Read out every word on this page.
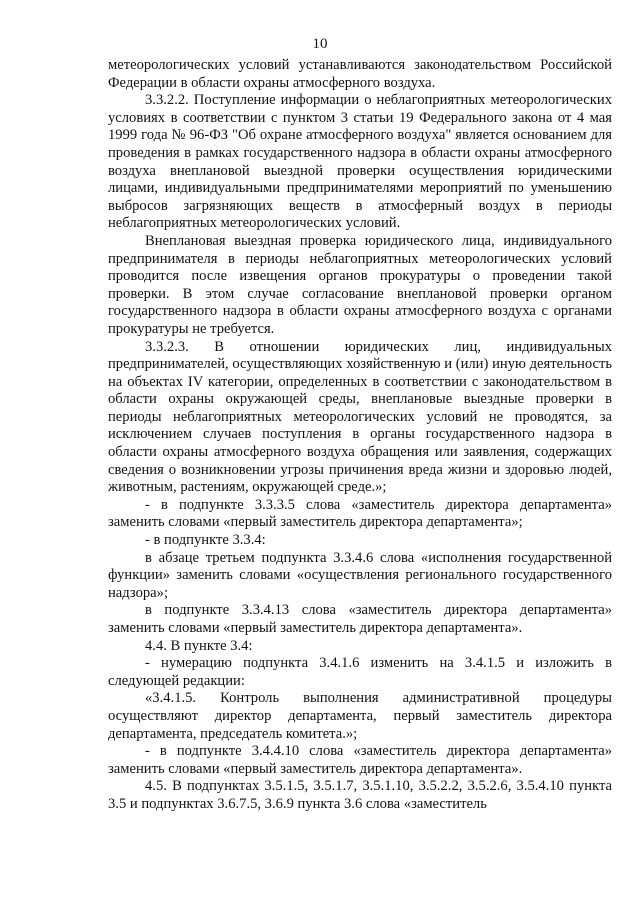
10

метеорологических условий устанавливаются законодательством Российской Федерации в области охраны атмосферного воздуха.

3.3.2.2. Поступление информации о неблагоприятных метеорологических условиях в соответствии с пунктом 3 статьи 19 Федерального закона от 4 мая 1999 года № 96-ФЗ "Об охране атмосферного воздуха" является основанием для проведения в рамках государственного надзора в области охраны атмосферного воздуха внеплановой выездной проверки осуществления юридическими лицами, индивидуальными предпринимателями мероприятий по уменьшению выбросов загрязняющих веществ в атмосферный воздух в периоды неблагоприятных метеорологических условий.

Внеплановая выездная проверка юридического лица, индивидуального предпринимателя в периоды неблагоприятных метеорологических условий проводится после извещения органов прокуратуры о проведении такой проверки. В этом случае согласование внеплановой проверки органом государственного надзора в области охраны атмосферного воздуха с органами прокуратуры не требуется.

3.3.2.3. В отношении юридических лиц, индивидуальных предпринимателей, осуществляющих хозяйственную и (или) иную деятельность на объектах IV категории, определенных в соответствии с законодательством в области охраны окружающей среды, внеплановые выездные проверки в периоды неблагоприятных метеорологических условий не проводятся, за исключением случаев поступления в органы государственного надзора в области охраны атмосферного воздуха обращения или заявления, содержащих сведения о возникновении угрозы причинения вреда жизни и здоровью людей, животным, растениям, окружающей среде.»;

- в подпункте 3.3.3.5 слова «заместитель директора департамента» заменить словами «первый заместитель директора департамента»;

- в подпункте 3.3.4:

в абзаце третьем подпункта 3.3.4.6 слова «исполнения государственной функции» заменить словами «осуществления регионального государственного надзора»;

в подпункте 3.3.4.13 слова «заместитель директора департамента» заменить словами «первый заместитель директора департамента».

4.4. В пункте 3.4:

- нумерацию подпункта 3.4.1.6 изменить на 3.4.1.5 и изложить в следующей редакции:

«3.4.1.5. Контроль выполнения административной процедуры осуществляют директор департамента, первый заместитель директора департамента, председатель комитета.»;

- в подпункте 3.4.4.10 слова «заместитель директора департамента» заменить словами «первый заместитель директора департамента».

4.5. В подпунктах 3.5.1.5, 3.5.1.7, 3.5.1.10, 3.5.2.2, 3.5.2.6, 3.5.4.10 пункта 3.5 и подпунктах 3.6.7.5, 3.6.9 пункта 3.6 слова «заместитель
